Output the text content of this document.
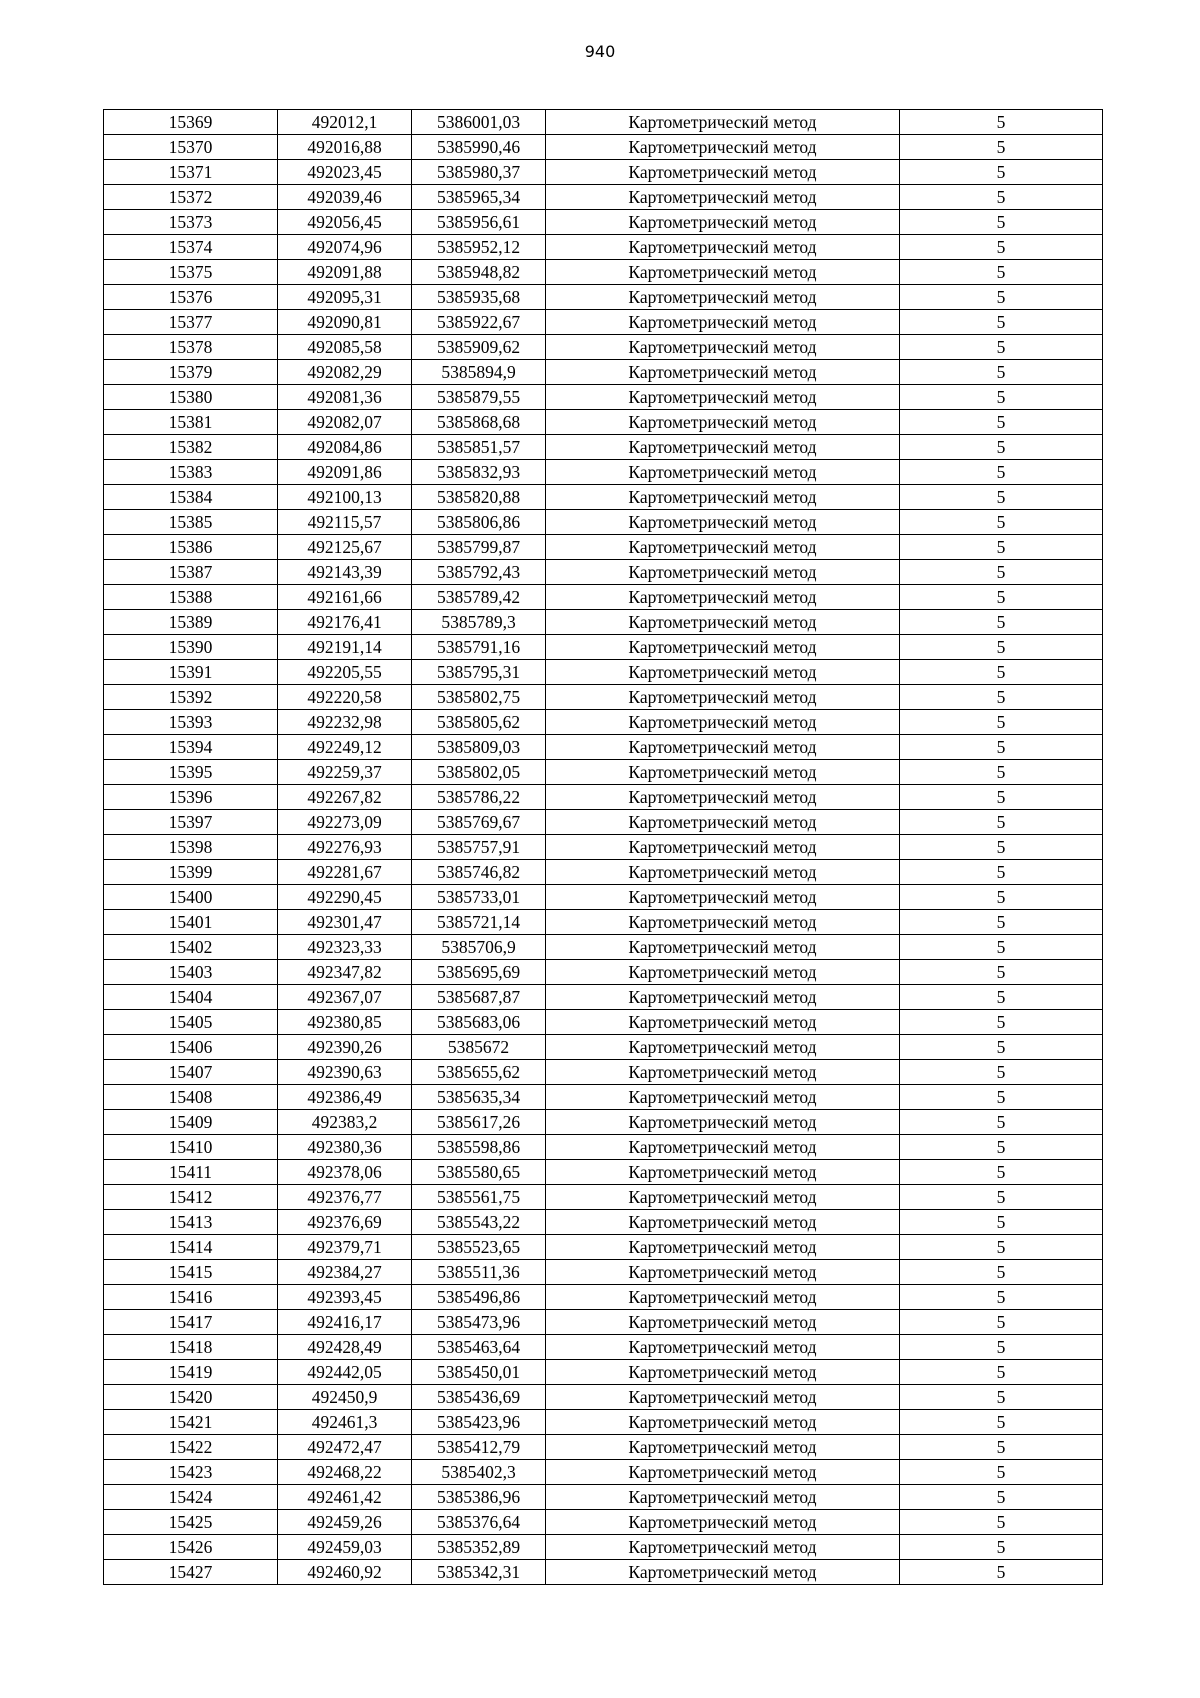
940
15369	492012,1	5386001,03	Картометрический метод	5
15370	492016,88	5385990,46	Картометрический метод	5
15371	492023,45	5385980,37	Картометрический метод	5
15372	492039,46	5385965,34	Картометрический метод	5
15373	492056,45	5385956,61	Картометрический метод	5
15374	492074,96	5385952,12	Картометрический метод	5
15375	492091,88	5385948,82	Картометрический метод	5
15376	492095,31	5385935,68	Картометрический метод	5
15377	492090,81	5385922,67	Картометрический метод	5
15378	492085,58	5385909,62	Картометрический метод	5
15379	492082,29	5385894,9	Картометрический метод	5
15380	492081,36	5385879,55	Картометрический метод	5
15381	492082,07	5385868,68	Картометрический метод	5
15382	492084,86	5385851,57	Картометрический метод	5
15383	492091,86	5385832,93	Картометрический метод	5
15384	492100,13	5385820,88	Картометрический метод	5
15385	492115,57	5385806,86	Картометрический метод	5
15386	492125,67	5385799,87	Картометрический метод	5
15387	492143,39	5385792,43	Картометрический метод	5
15388	492161,66	5385789,42	Картометрический метод	5
15389	492176,41	5385789,3	Картометрический метод	5
15390	492191,14	5385791,16	Картометрический метод	5
15391	492205,55	5385795,31	Картометрический метод	5
15392	492220,58	5385802,75	Картометрический метод	5
15393	492232,98	5385805,62	Картометрический метод	5
15394	492249,12	5385809,03	Картометрический метод	5
15395	492259,37	5385802,05	Картометрический метод	5
15396	492267,82	5385786,22	Картометрический метод	5
15397	492273,09	5385769,67	Картометрический метод	5
15398	492276,93	5385757,91	Картометрический метод	5
15399	492281,67	5385746,82	Картометрический метод	5
15400	492290,45	5385733,01	Картометрический метод	5
15401	492301,47	5385721,14	Картометрический метод	5
15402	492323,33	5385706,9	Картометрический метод	5
15403	492347,82	5385695,69	Картометрический метод	5
15404	492367,07	5385687,87	Картометрический метод	5
15405	492380,85	5385683,06	Картометрический метод	5
15406	492390,26	5385672	Картометрический метод	5
15407	492390,63	5385655,62	Картометрический метод	5
15408	492386,49	5385635,34	Картометрический метод	5
15409	492383,2	5385617,26	Картометрический метод	5
15410	492380,36	5385598,86	Картометрический метод	5
15411	492378,06	5385580,65	Картометрический метод	5
15412	492376,77	5385561,75	Картометрический метод	5
15413	492376,69	5385543,22	Картометрический метод	5
15414	492379,71	5385523,65	Картометрический метод	5
15415	492384,27	5385511,36	Картометрический метод	5
15416	492393,45	5385496,86	Картометрический метод	5
15417	492416,17	5385473,96	Картометрический метод	5
15418	492428,49	5385463,64	Картометрический метод	5
15419	492442,05	5385450,01	Картометрический метод	5
15420	492450,9	5385436,69	Картометрический метод	5
15421	492461,3	5385423,96	Картометрический метод	5
15422	492472,47	5385412,79	Картометрический метод	5
15423	492468,22	5385402,3	Картометрический метод	5
15424	492461,42	5385386,96	Картометрический метод	5
15425	492459,26	5385376,64	Картометрический метод	5
15426	492459,03	5385352,89	Картометрический метод	5
15427	492460,92	5385342,31	Картометрический метод	5
